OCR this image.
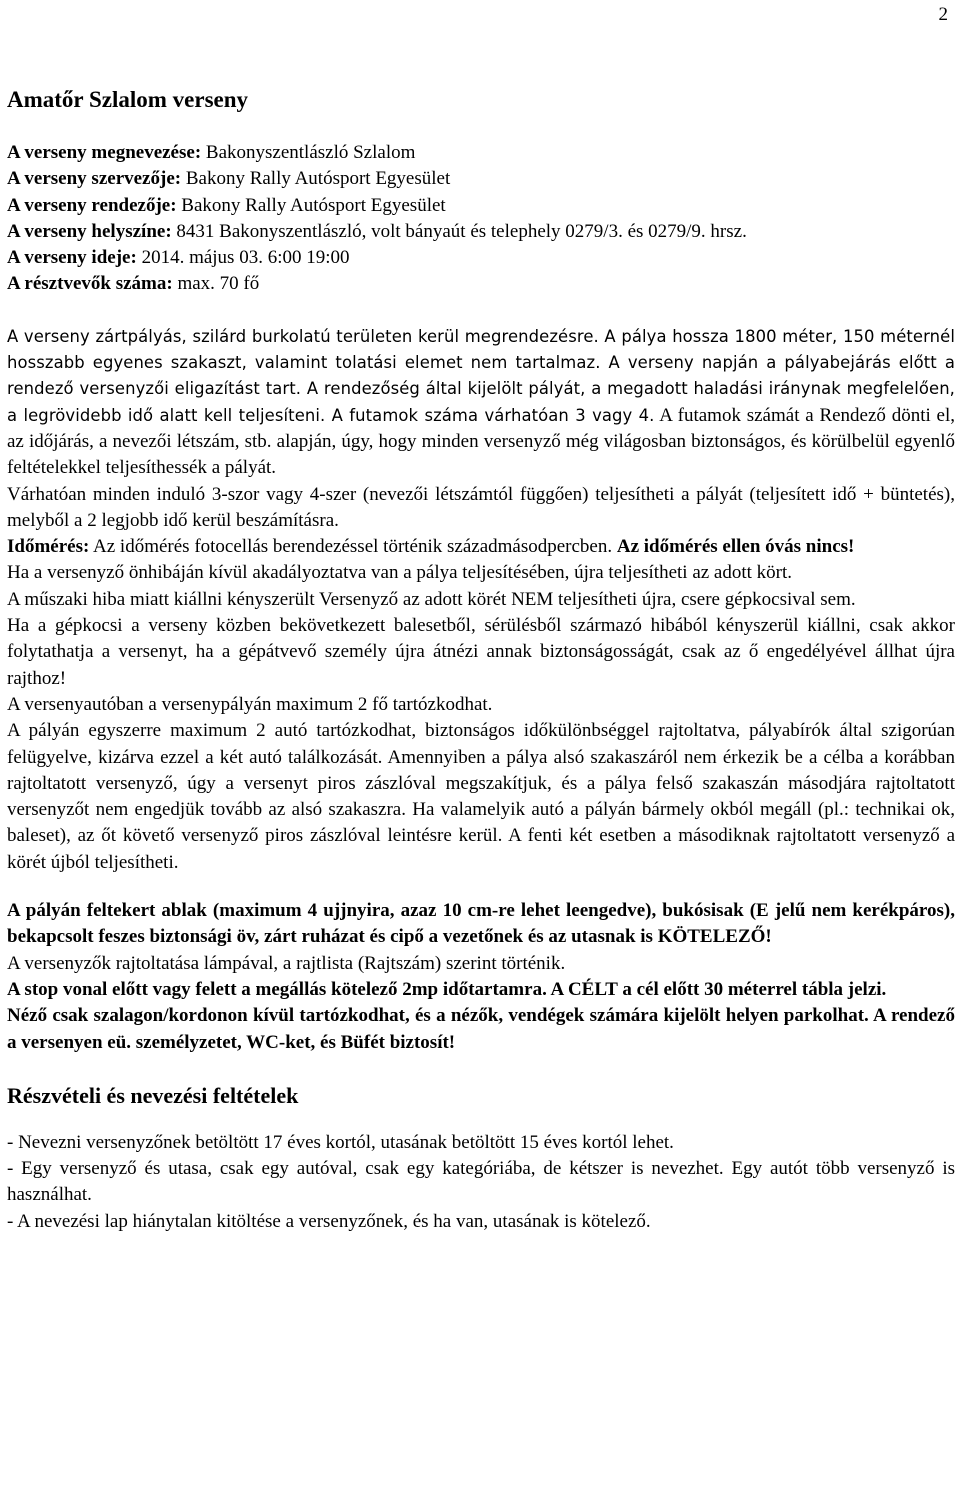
2
Amatőr Szlalom verseny
A verseny megnevezése: Bakonyszentlászló Szlalom
A verseny szervezője: Bakony Rally Autósport Egyesület
A verseny rendezője: Bakony Rally Autósport Egyesület
A verseny helyszíne: 8431 Bakonyszentlászló, volt bányaút és telephely 0279/3. és 0279/9. hrsz.
A verseny ideje: 2014. május 03. 6:00 19:00
A résztvevők száma: max. 70 fő

A verseny zártpályás, szilárd burkolatú területen kerül megrendezésre. A pálya hossza 1800 méter, 150 méternél hosszabb egyenes szakaszt, valamint tolatási elemet nem tartalmaz. A verseny napján a pályabejárás előtt a rendező versenyzői eligazítást tart. A rendezőség által kijelölt pályát, a megadott haladási iránynak megfelelően, a legrövidebb idő alatt kell teljesíteni. A futamok száma várhatóan 3 vagy 4. A futamok számát a Rendező dönti el, az időjárás, a nevezői létszám, stb. alapján, úgy, hogy minden versenyző még világosban biztonságos, és körülbelül egyenlő feltételekkel teljesíthessék a pályát.

Várhatóan minden induló 3-szor vagy 4-szer (nevezői létszámtól függően) teljesítheti a pályát (teljesített idő + büntetés), melyből a 2 legjobb idő kerül beszámításra.

Időmérés: Az időmérés fotocellás berendezéssel történik századmásodpercben. Az időmérés ellen óvás nincs!

Ha a versenyző önhibáján kívül akadályoztatva van a pálya teljesítésében, újra teljesítheti az adott kört.

A műszaki hiba miatt kiállni kényszerült Versenyző az adott körét NEM teljesítheti újra, csere gépkocsival sem.

Ha a gépkocsi a verseny közben bekövetkezett balesetből, sérülésből származó hibából kényszerül kiállni, csak akkor folytathatja a versenyt, ha a gépátvevő személy újra átnézi annak biztonságosságát, csak az ő engedélyével állhat újra rajthoz!

A versenyautóban a versenypályán maximum 2 fő tartózkodhat.

A pályán egyszerre maximum 2 autó tartózkodhat, biztonságos időkülönbséggel rajtoltatva, pályabírók által szigorúan felügyelve, kizárva ezzel a két autó találkozását. Amennyiben a pálya alsó szakaszáról nem érkezik be a célba a korábban rajtoltatott versenyző, úgy a versenyt piros zászlóval megszakítjuk, és a pálya felső szakaszán másodjára rajtoltatott versenyzőt nem engedjük tovább az alsó szakaszra. Ha valamelyik autó a pályán bármely okból megáll (pl.: technikai ok, baleset), az őt követő versenyző piros zászlóval leintésre kerül. A fenti két esetben a másodiknak rajtoltatott versenyző a körét újból teljesítheti.

A pályán feltekert ablak (maximum 4 ujjnyira, azaz 10 cm-re lehet leengedve), bukósisak (E jelű nem kerékpáros), bekapcsolt feszes biztonsági öv, zárt ruházat és cipő a vezetőnek és az utasnak is KÖTELEZŐ!

A versenyzők rajtoltatása lámpával, a rajtlista (Rajtszám) szerint történik.

A stop vonal előtt vagy felett a megállás kötelező 2mp időtartamra. A CÉLT a cél előtt 30 méterrel tábla jelzi.

Néző csak szalagon/kordonon kívül tartózkodhat, és a nézők, vendégek számára kijelölt helyen parkolhat. A rendező a versenyen eü. személyzetet, WC-ket, és Büfét biztosít!

Részvételi és nevezési feltételek

- Nevezni versenyzőnek betöltött 17 éves kortól, utasának betöltött 15 éves kortól lehet.

- Egy versenyző és utasa, csak egy autóval, csak egy kategóriába, de kétszer is nevezhet. Egy autót több versenyző is használhat.

- A nevezési lap hiánytalan kitöltése a versenyzőnek, és ha van, utasának is kötelező.
